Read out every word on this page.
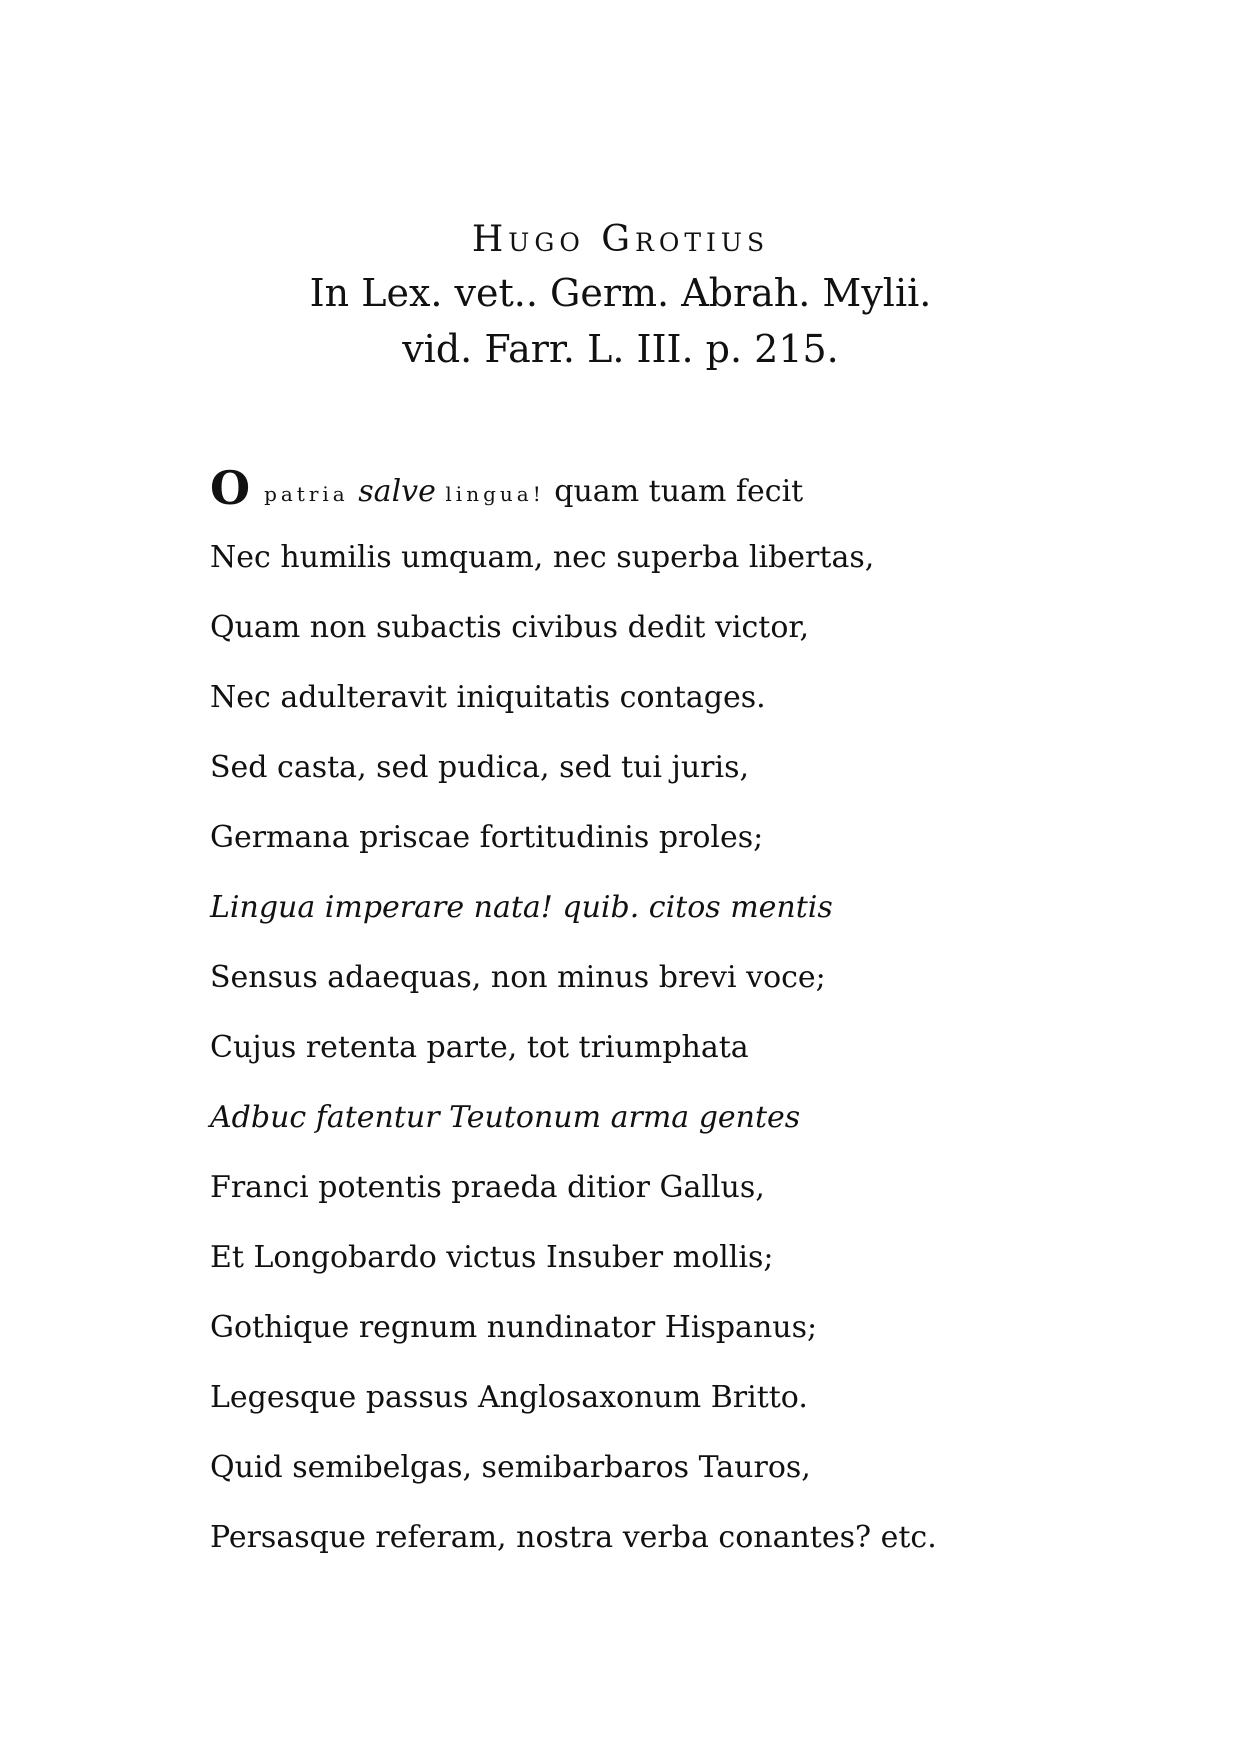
Hugo Grotius
In Lex. vet.. Germ. Abrah. Mylii.
vid. Farr. L. III. p. 215.
Opatria salve lingua! quam tuam fecit
Nec humilis umquam, nec superba libertas,
Quam non subactis civibus dedit victor,
Nec adulteravit iniquitatis contages.
Sed casta, sed pudica, sed tui juris,
Germana priscae fortitudinis proles;
Lingua imperare nata! quib. citos mentis
Sensus adaequas, non minus brevi voce;
Cujus retenta parte, tot triumphata
Adbuc fatentur Teutonum arma gentes
Franci potentis praeda ditior Gallus,
Et Longobardo victus Insuber mollis;
Gothique regnum nundinator Hispanus;
Legesque passus Anglosaxonum Britto.
Quid semibelgas, semibarbaros Tauros,
Persasque referam, nostra verba conantes? etc.
